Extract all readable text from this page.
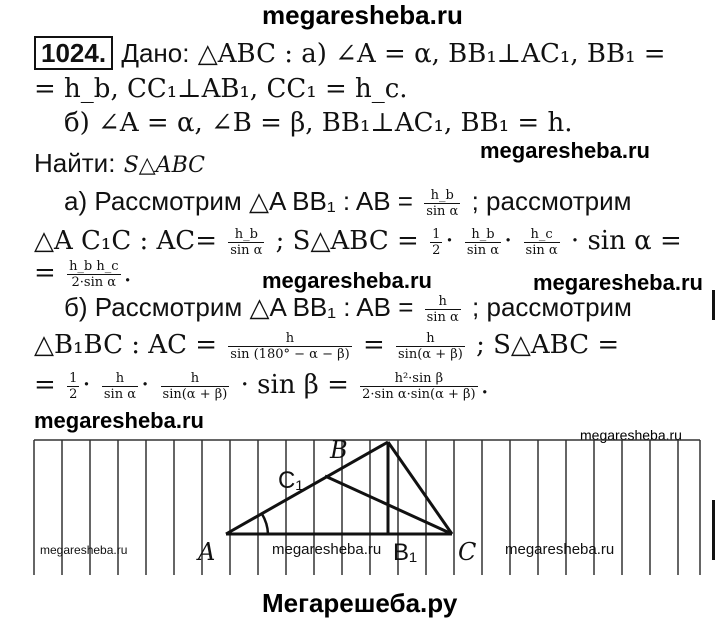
megaresheba.ru
megaresheba.ru
megaresheba.ru	megaresheba.ru
megaresheba.ru
megaresheba.ru
1024. Дано: △ABC : а) ∠A = α, BB₁⊥AC₁, BB₁ =
= h_b, CC₁⊥AB₁, CC₁ = h_c.
б) ∠A = α, ∠B = β, BB₁⊥AC₁, BB₁ = h.
Найти: S△ABC
а) Рассмотрим △A BB₁ : AB = $\frac{h\_b}{\text{sin α}}$ ; рассмотрим
△A C₁C : $AC= \frac{h\_b}{\text{sin α}}$ ; S△ABC = $\frac{1}{2} \cdot \frac{h\_b}{\text{sin α}} \cdot \frac{h\_c}{\text{sin α}} \cdot \sin \alpha$ =
= $\frac{\text{h\_b h\_c}}{\text{2·sin α}}$ .
б) Рассмотрим △A BB₁ : AB = $\frac{h}{\text{sin α}}$ ; рассмотрим
△B₁BC : AC = $\frac{h}{\sin (180^\circ - \alpha - \beta)} = \frac{h}{\sin(\alpha + \beta)}$ ; S△ABC =
= $\frac{1}{2} \cdot \frac{h}{\text{sin α}} \cdot \frac{h}{\sin(\alpha + \beta)} \cdot \sin \beta = \frac{\text{h²·sin β}}{\text{2·sin α·sin(α + β)}}$ .
A
B
C
C₁
B₁
megaresheba.ru	megaresheba.ru	megaresheba.ru
Мегарешеба.ру
